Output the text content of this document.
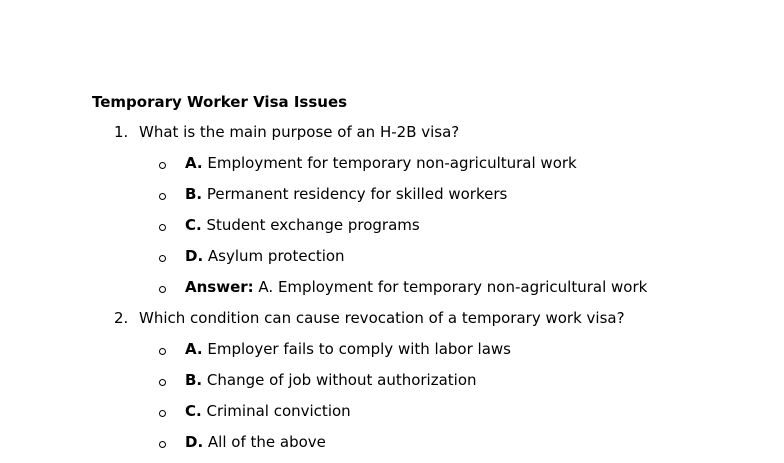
Temporary Worker Visa Issues
1. What is the main purpose of an H-2B visa?
A. Employment for temporary non-agricultural work
B. Permanent residency for skilled workers
C. Student exchange programs
D. Asylum protection
Answer: A. Employment for temporary non-agricultural work
2. Which condition can cause revocation of a temporary work visa?
A. Employer fails to comply with labor laws
B. Change of job without authorization
C. Criminal conviction
D. All of the above
